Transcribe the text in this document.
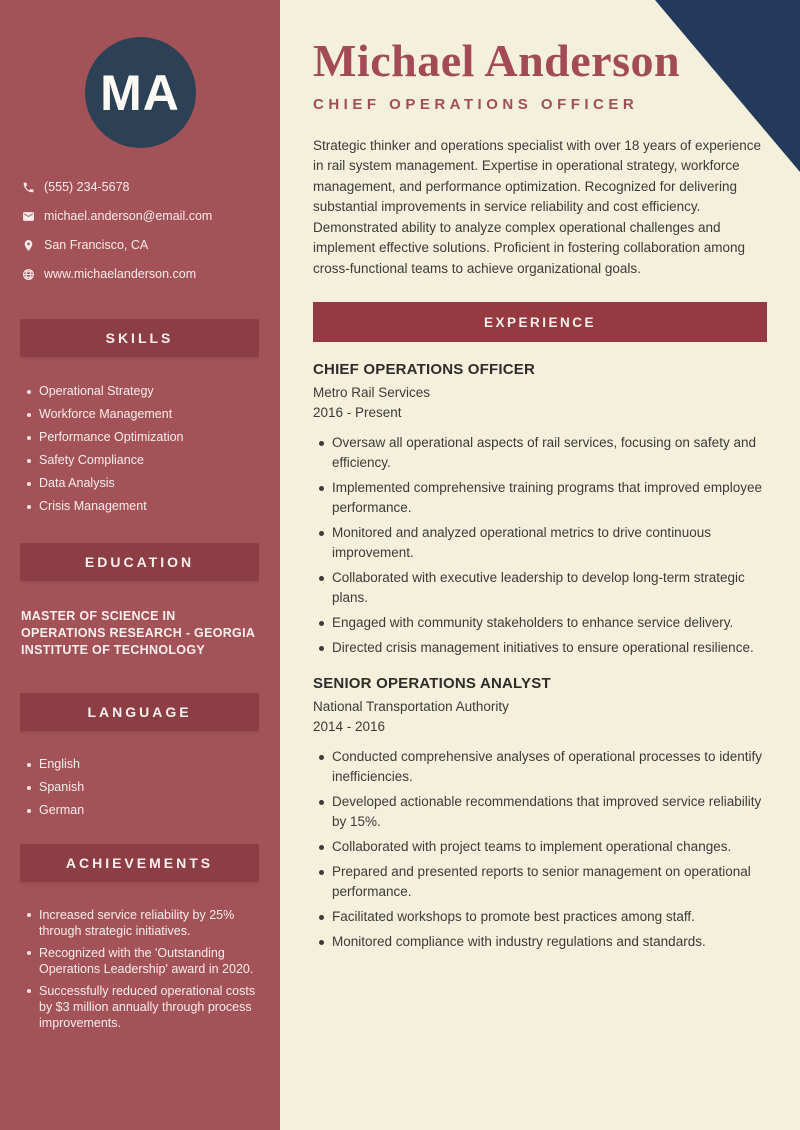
MA
(555) 234-5678
michael.anderson@email.com
San Francisco, CA
www.michaelanderson.com
SKILLS
Operational Strategy
Workforce Management
Performance Optimization
Safety Compliance
Data Analysis
Crisis Management
EDUCATION
MASTER OF SCIENCE IN OPERATIONS RESEARCH - GEORGIA INSTITUTE OF TECHNOLOGY
LANGUAGE
English
Spanish
German
ACHIEVEMENTS
Increased service reliability by 25% through strategic initiatives.
Recognized with the 'Outstanding Operations Leadership' award in 2020.
Successfully reduced operational costs by $3 million annually through process improvements.
Michael Anderson
CHIEF OPERATIONS OFFICER

Strategic thinker and operations specialist with over 18 years of experience in rail system management. Expertise in operational strategy, workforce management, and performance optimization. Recognized for delivering substantial improvements in service reliability and cost efficiency. Demonstrated ability to analyze complex operational challenges and implement effective solutions. Proficient in fostering collaboration among cross-functional teams to achieve organizational goals.

EXPERIENCE
CHIEF OPERATIONS OFFICER
Metro Rail Services
2016 - Present
Oversaw all operational aspects of rail services, focusing on safety and efficiency.
Implemented comprehensive training programs that improved employee performance.
Monitored and analyzed operational metrics to drive continuous improvement.
Collaborated with executive leadership to develop long-term strategic plans.
Engaged with community stakeholders to enhance service delivery.
Directed crisis management initiatives to ensure operational resilience.
SENIOR OPERATIONS ANALYST
National Transportation Authority
2014 - 2016
Conducted comprehensive analyses of operational processes to identify inefficiencies.
Developed actionable recommendations that improved service reliability by 15%.
Collaborated with project teams to implement operational changes.
Prepared and presented reports to senior management on operational performance.
Facilitated workshops to promote best practices among staff.
Monitored compliance with industry regulations and standards.
